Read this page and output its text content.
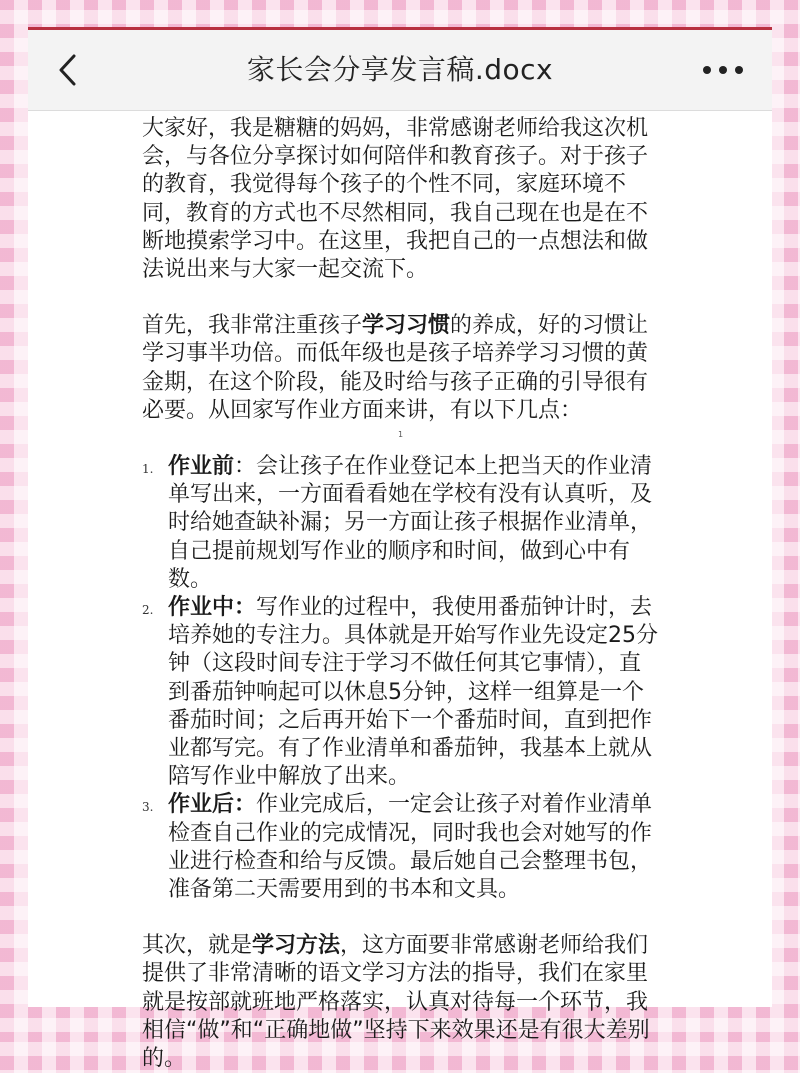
家长会分享发言稿.docx

大家好，我是糖糖的妈妈，非常感谢老师给我这次机会，与各位分享探讨如何陪伴和教育孩子。对于孩子的教育，我觉得每个孩子的个性不同，家庭环境不同，教育的方式也不尽然相同，我自己现在也是在不断地摸索学习中。在这里，我把自己的一点想法和做法说出来与大家一起交流下。

首先，我非常注重孩子学习习惯的养成，好的习惯让学习事半功倍。而低年级也是孩子培养学习习惯的黄金期，在这个阶段，能及时给与孩子正确的引导很有必要。从回家写作业方面来讲，有以下几点：

1
1. 作业前：会让孩子在作业登记本上把当天的作业清单写出来，一方面看看她在学校有没有认真听，及时给她查缺补漏；另一方面让孩子根据作业清单，自己提前规划写作业的顺序和时间，做到心中有数。
2. 作业中：写作业的过程中，我使用番茄钟计时，去培养她的专注力。具体就是开始写作业先设定25分钟（这段时间专注于学习不做任何其它事情），直到番茄钟响起可以休息5分钟，这样一组算是一个番茄时间；之后再开始下一个番茄时间，直到把作业都写完。有了作业清单和番茄钟，我基本上就从陪写作业中解放了出来。
3. 作业后：作业完成后，一定会让孩子对着作业清单检查自己作业的完成情况，同时我也会对她写的作业进行检查和给与反馈。最后她自己会整理书包，准备第二天需要用到的书本和文具。

其次，就是学习方法，这方面要非常感谢老师给我们提供了非常清晰的语文学习方法的指导，我们在家里就是按部就班地严格落实，认真对待每一个环节，我相信“做”和“正确地做”坚持下来效果还是有很大差别的。
